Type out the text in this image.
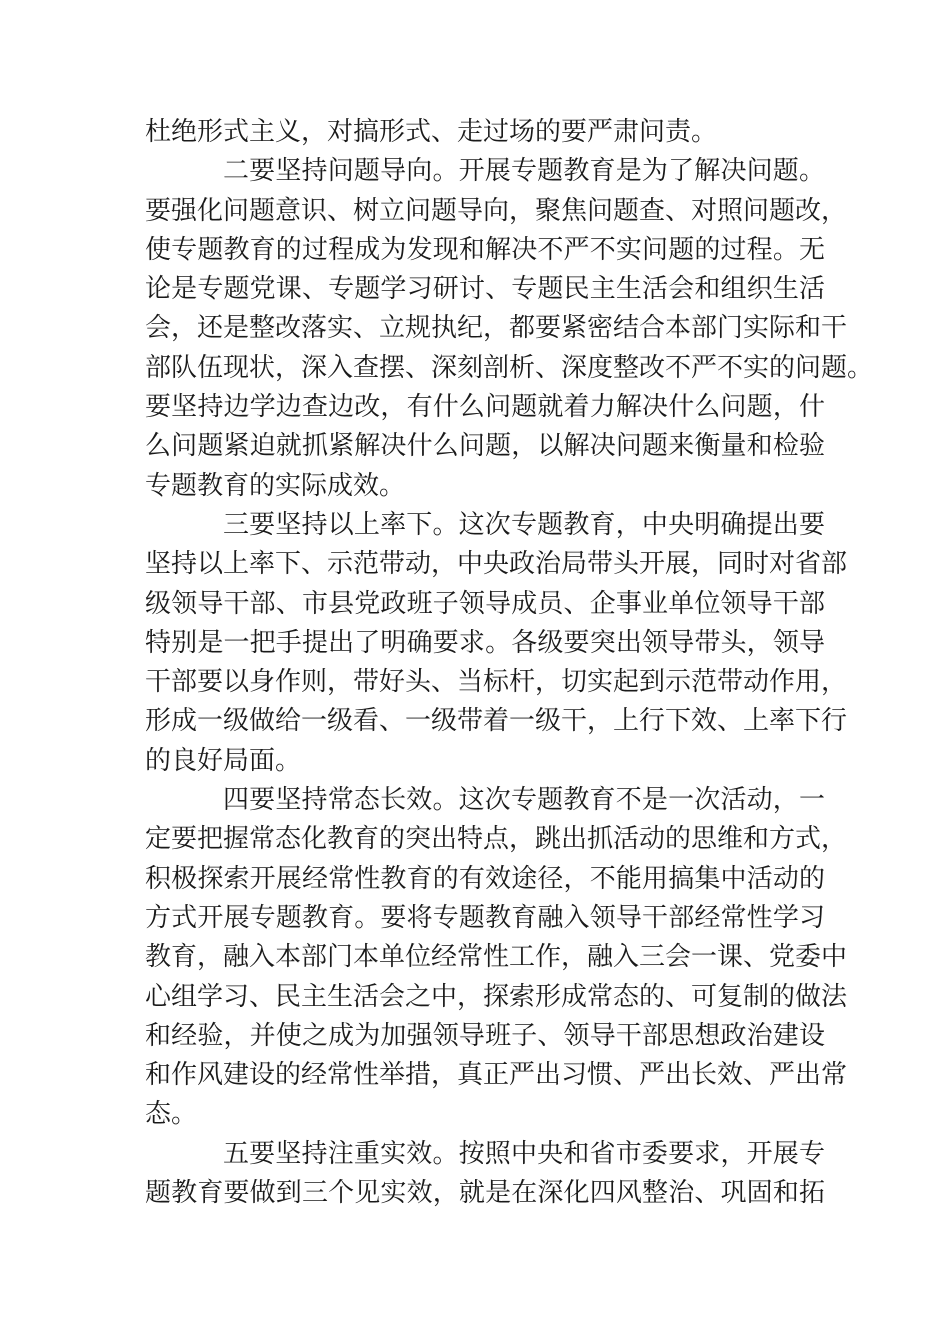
杜绝形式主义，对搞形式、走过场的要严肃问责。
二要坚持问题导向。开展专题教育是为了解决问题。
要强化问题意识、树立问题导向，聚焦问题查、对照问题改，
使专题教育的过程成为发现和解决不严不实问题的过程。无
论是专题党课、专题学习研讨、专题民主生活会和组织生活
会，还是整改落实、立规执纪，都要紧密结合本部门实际和干
部队伍现状，深入查摆、深刻剖析、深度整改不严不实的问题。
要坚持边学边查边改，有什么问题就着力解决什么问题，什
么问题紧迫就抓紧解决什么问题，以解决问题来衡量和检验
专题教育的实际成效。
三要坚持以上率下。这次专题教育，中央明确提出要
坚持以上率下、示范带动，中央政治局带头开展，同时对省部
级领导干部、市县党政班子领导成员、企事业单位领导干部
特别是一把手提出了明确要求。各级要突出领导带头，领导
干部要以身作则，带好头、当标杆，切实起到示范带动作用，
形成一级做给一级看、一级带着一级干，上行下效、上率下行
的良好局面。
四要坚持常态长效。这次专题教育不是一次活动，一
定要把握常态化教育的突出特点，跳出抓活动的思维和方式，
积极探索开展经常性教育的有效途径，不能用搞集中活动的
方式开展专题教育。要将专题教育融入领导干部经常性学习
教育，融入本部门本单位经常性工作，融入三会一课、党委中
心组学习、民主生活会之中，探索形成常态的、可复制的做法
和经验，并使之成为加强领导班子、领导干部思想政治建设
和作风建设的经常性举措，真正严出习惯、严出长效、严出常
态。
五要坚持注重实效。按照中央和省市委要求，开展专
题教育要做到三个见实效，就是在深化四风整治、巩固和拓
